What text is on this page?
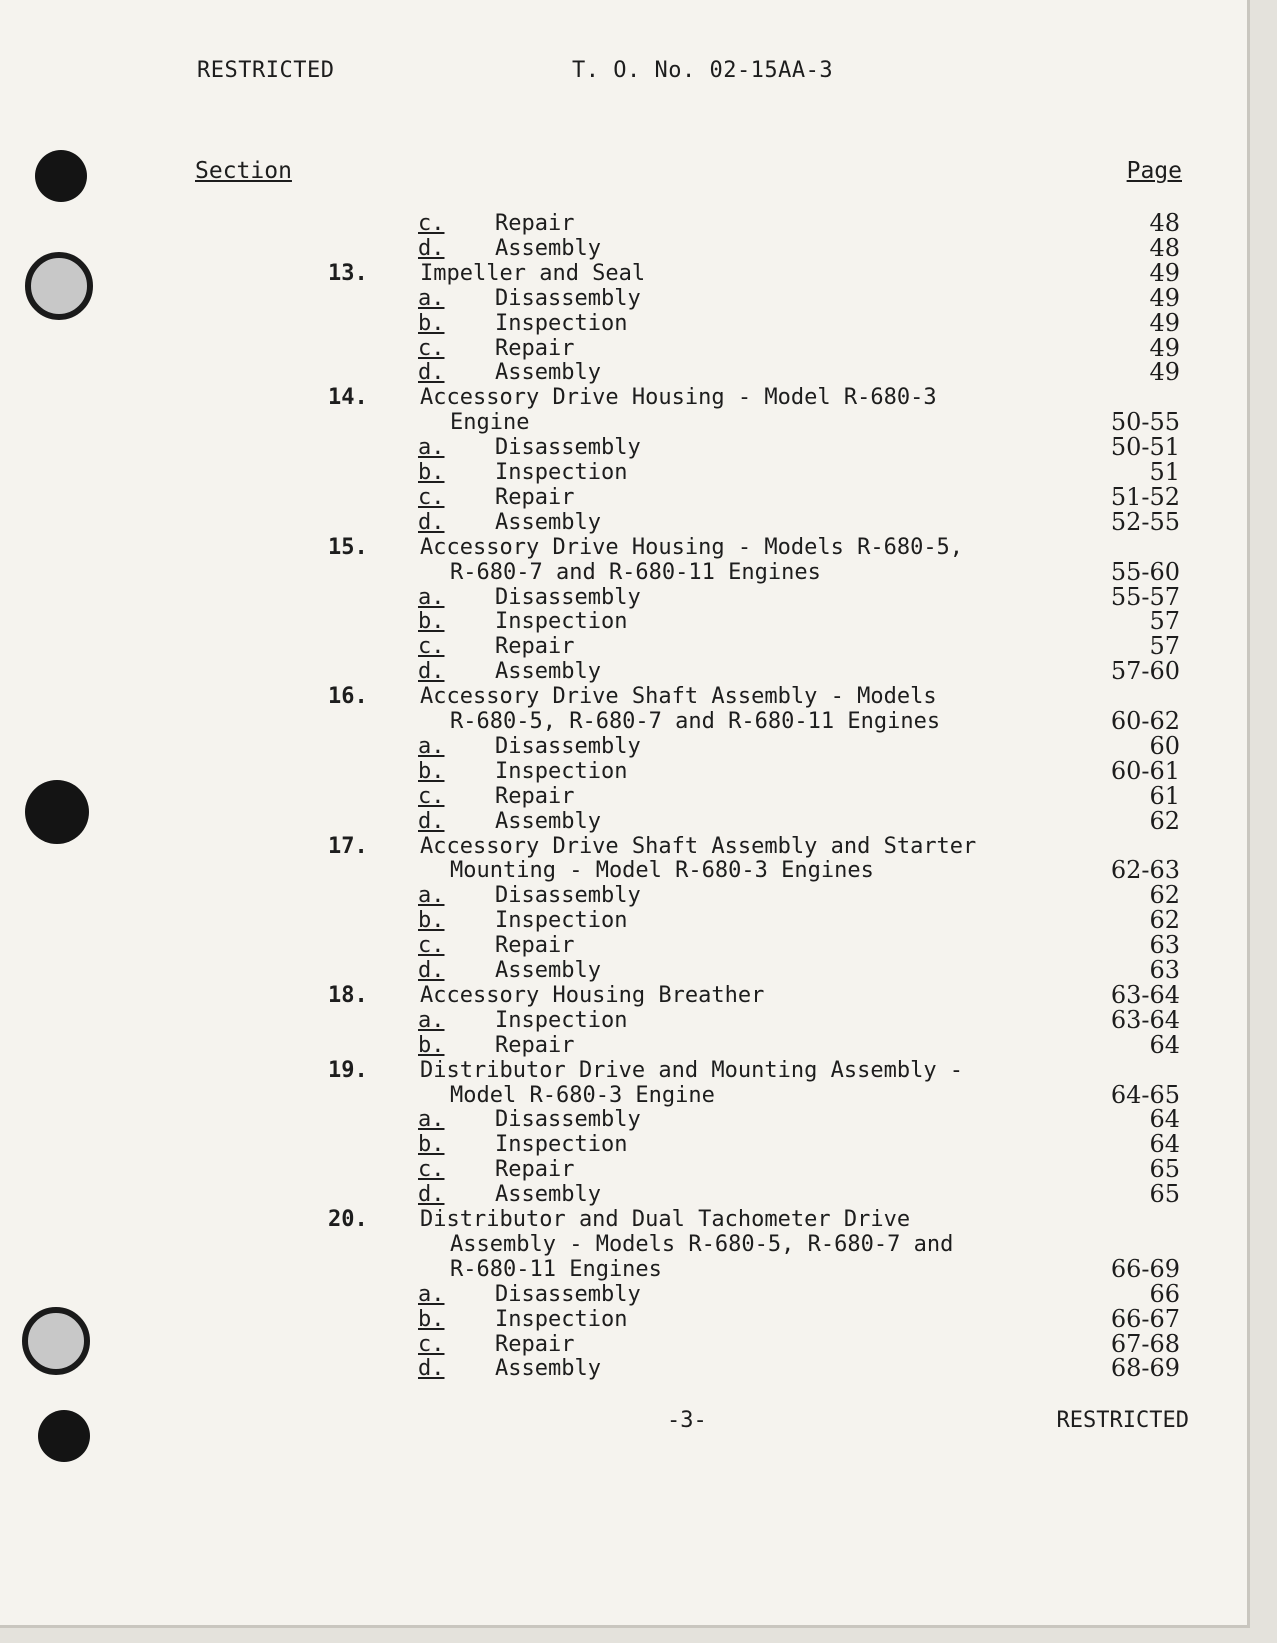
RESTRICTED	T. O. No. 02-15AA-3
Section	Page
c. Repair	48
d. Assembly	48
13. Impeller and Seal	49
a. Disassembly	49
b. Inspection	49
c. Repair	49
d. Assembly	49
14. Accessory Drive Housing - Model R-680-3
Engine	50-55
a. Disassembly	50-51
b. Inspection	51
c. Repair	51-52
d. Assembly	52-55
15. Accessory Drive Housing - Models R-680-5,
R-680-7 and R-680-11 Engines	55-60
a. Disassembly	55-57
b. Inspection	57
c. Repair	57
d. Assembly	57-60
16. Accessory Drive Shaft Assembly - Models
R-680-5, R-680-7 and R-680-11 Engines	60-62
a. Disassembly	60
b. Inspection	60-61
c. Repair	61
d. Assembly	62
17. Accessory Drive Shaft Assembly and Starter
Mounting - Model R-680-3 Engines	62-63
a. Disassembly	62
b. Inspection	62
c. Repair	63
d. Assembly	63
18. Accessory Housing Breather	63-64
a. Inspection	63-64
b. Repair	64
19. Distributor Drive and Mounting Assembly -
Model R-680-3 Engine	64-65
a. Disassembly	64
b. Inspection	64
c. Repair	65
d. Assembly	65
20. Distributor and Dual Tachometer Drive
Assembly - Models R-680-5, R-680-7 and
R-680-11 Engines	66-69
a. Disassembly	66
b. Inspection	66-67
c. Repair	67-68
d. Assembly	68-69
-3-	RESTRICTED
